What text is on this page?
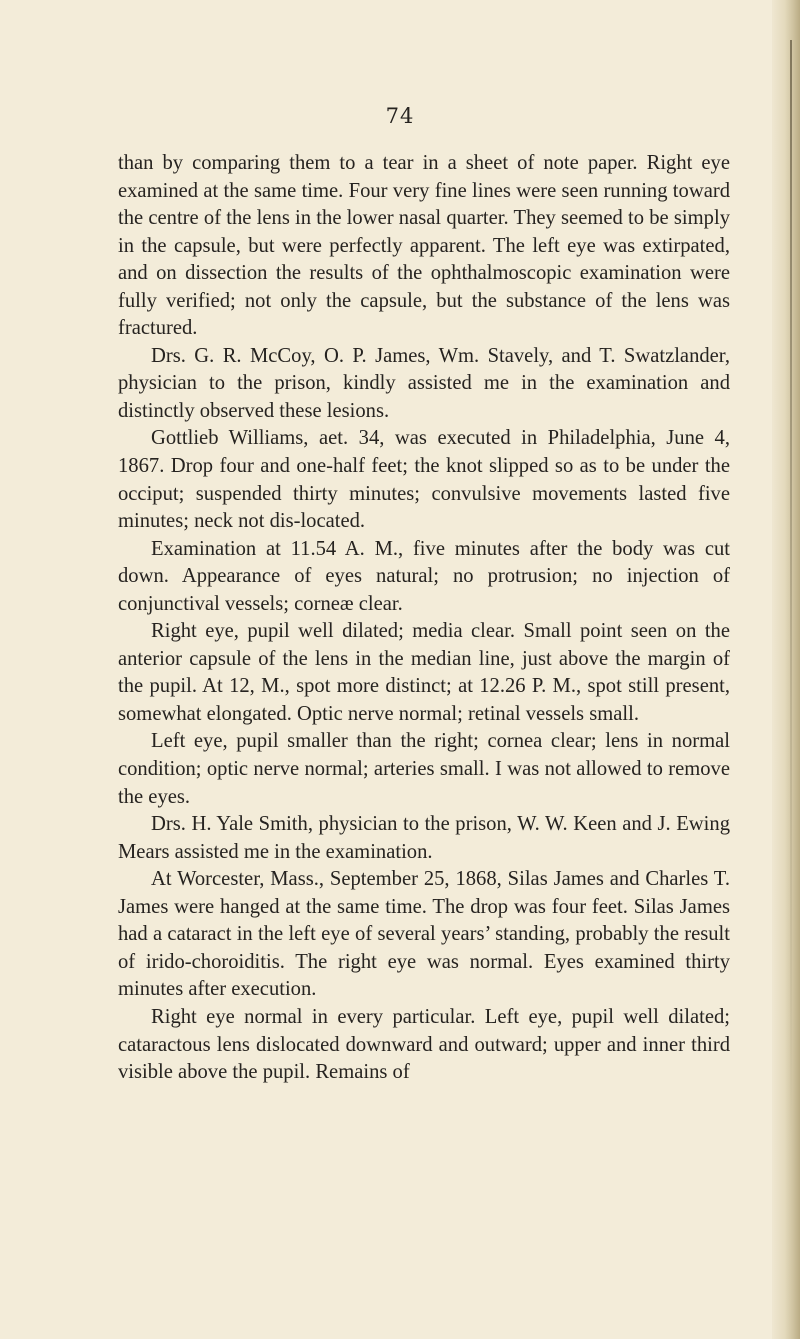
74

than by comparing them to a tear in a sheet of note paper. Right eye examined at the same time. Four very fine lines were seen running toward the centre of the lens in the lower nasal quarter. They seemed to be simply in the capsule, but were perfectly apparent. The left eye was extirpated, and on dissection the results of the ophthalmoscopic examination were fully verified; not only the capsule, but the substance of the lens was fractured.

Drs. G. R. McCoy, O. P. James, Wm. Stavely, and T. Swatzlander, physician to the prison, kindly assisted me in the examination and distinctly observed these lesions.

Gottlieb Williams, aet. 34, was executed in Philadelphia, June 4, 1867. Drop four and one-half feet; the knot slipped so as to be under the occiput; suspended thirty minutes; convulsive movements lasted five minutes; neck not dis-located.

Examination at 11.54 A. M., five minutes after the body was cut down. Appearance of eyes natural; no protrusion; no injection of conjunctival vessels; corneæ clear.

Right eye, pupil well dilated; media clear. Small point seen on the anterior capsule of the lens in the median line, just above the margin of the pupil. At 12, M., spot more distinct; at 12.26 P. M., spot still present, somewhat elongated. Optic nerve normal; retinal vessels small.

Left eye, pupil smaller than the right; cornea clear; lens in normal condition; optic nerve normal; arteries small. I was not allowed to remove the eyes.

Drs. H. Yale Smith, physician to the prison, W. W. Keen and J. Ewing Mears assisted me in the examination.

At Worcester, Mass., September 25, 1868, Silas James and Charles T. James were hanged at the same time. The drop was four feet. Silas James had a cataract in the left eye of several years’ standing, probably the result of irido-choroiditis. The right eye was normal. Eyes examined thirty minutes after execution.

Right eye normal in every particular. Left eye, pupil well dilated; cataractous lens dislocated downward and outward; upper and inner third visible above the pupil. Remains of
